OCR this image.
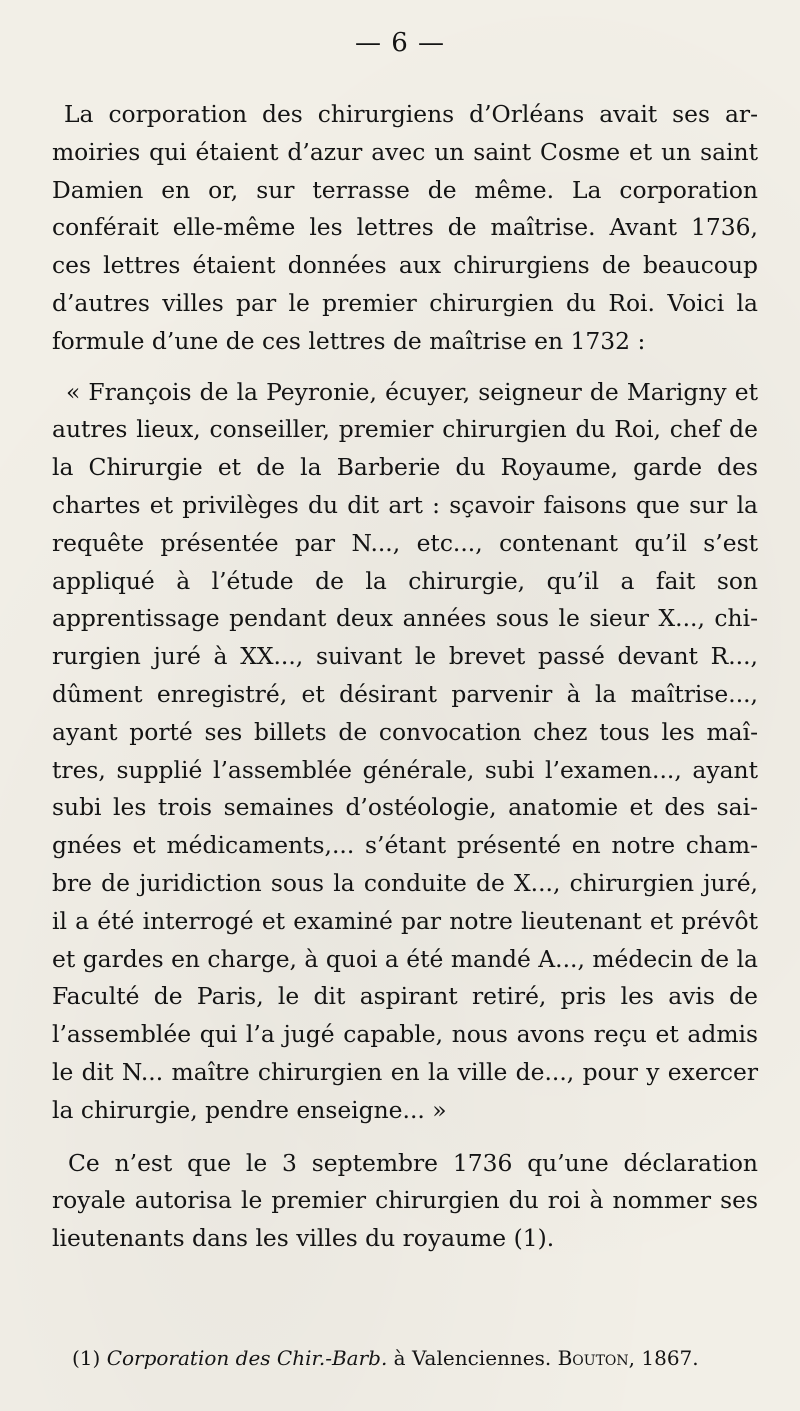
— 6 —

La corporation des chirurgiens d’Orléans avait ses armoiries qui étaient d’azur avec un saint Cosme et un saint Damien en or, sur terrasse de même. La corporation conférait elle-même les lettres de maîtrise. Avant 1736, ces lettres étaient données aux chirurgiens de beaucoup d’autres villes par le premier chirurgien du Roi. Voici la formule d’une de ces lettres de maîtrise en 1732 :

« François de la Peyronie, écuyer, seigneur de Marigny et autres lieux, conseiller, premier chirurgien du Roi, chef de la Chirurgie et de la Barberie du Royaume, garde des chartes et privilèges du dit art : sçavoir faisons que sur la requête présentée par N..., etc..., contenant qu’il s’est appliqué à l’étude de la chirurgie, qu’il a fait son apprentissage pendant deux années sous le sieur X..., chirurgien juré à XX..., suivant le brevet passé devant R..., dûment enregistré, et désirant parvenir à la maîtrise..., ayant porté ses billets de convocation chez tous les maîtres, supplié l’assemblée générale, subi l’examen..., ayant subi les trois semaines d’ostéologie, anatomie et des saignées et médicaments,... s’étant présenté en notre chambre de juridiction sous la conduite de X..., chirurgien juré, il a été interrogé et examiné par notre lieutenant et prévôt et gardes en charge, à quoi a été mandé A..., médecin de la Faculté de Paris, le dit aspirant retiré, pris les avis de l’assemblée qui l’a jugé capable, nous avons reçu et admis le dit N... maître chirurgien en la ville de..., pour y exercer la chirurgie, pendre enseigne... »

Ce n’est que le 3 septembre 1736 qu’une déclaration royale autorisa le premier chirurgien du roi à nommer ses lieutenants dans les villes du royaume (1).

(1) Corporation des Chir.-Barb. à Valenciennes. Bouton, 1867.
